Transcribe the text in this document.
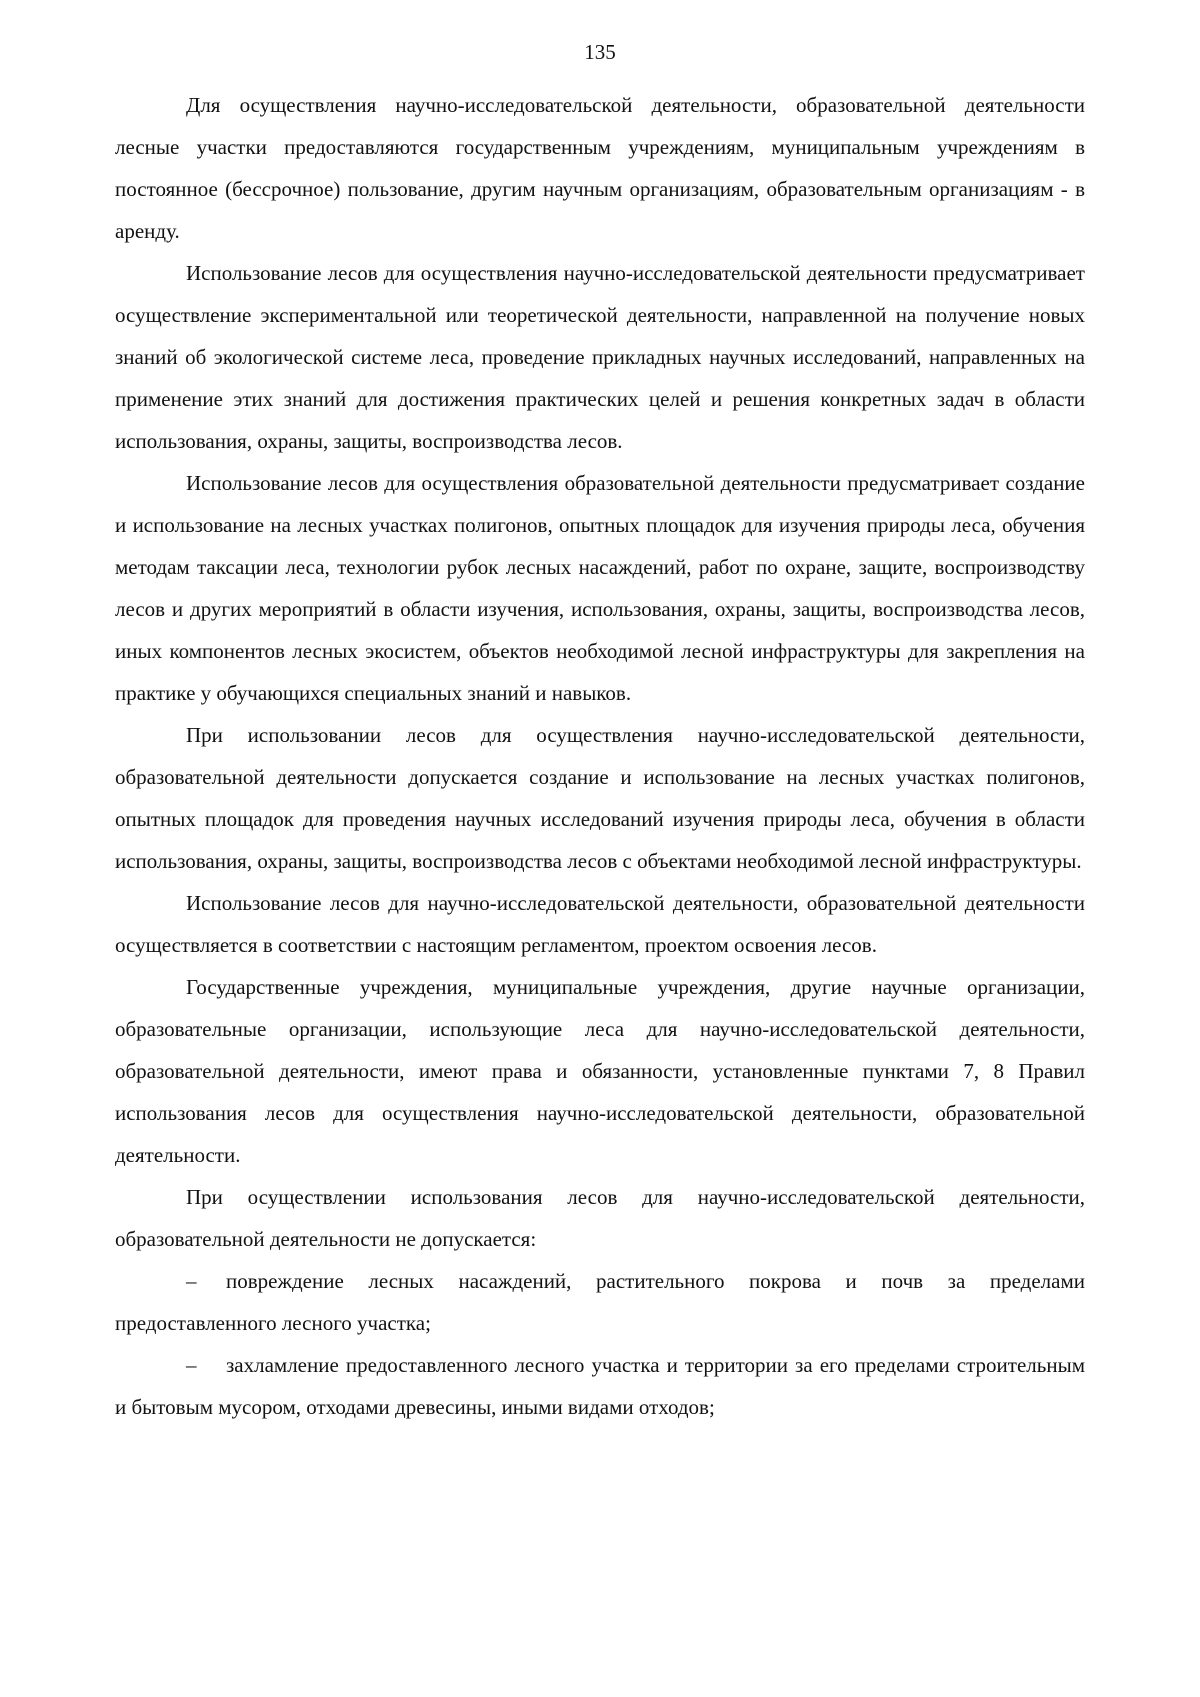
135

Для осуществления научно-исследовательской деятельности, образовательной деятельности лесные участки предоставляются государственным учреждениям, муниципальным учреждениям в постоянное (бессрочное) пользование, другим научным организациям, образовательным организациям - в аренду.

Использование лесов для осуществления научно-исследовательской деятельности предусматривает осуществление экспериментальной или теоретической деятельности, направленной на получение новых знаний об экологической системе леса, проведение прикладных научных исследований, направленных на применение этих знаний для достижения практических целей и решения конкретных задач в области использования, охраны, защиты, воспроизводства лесов.

Использование лесов для осуществления образовательной деятельности предусматривает создание и использование на лесных участках полигонов, опытных площадок для изучения природы леса, обучения методам таксации леса, технологии рубок лесных насаждений, работ по охране, защите, воспроизводству лесов и других мероприятий в области изучения, использования, охраны, защиты, воспроизводства лесов, иных компонентов лесных экосистем, объектов необходимой лесной инфраструктуры для закрепления на практике у обучающихся специальных знаний и навыков.

При использовании лесов для осуществления научно-исследовательской деятельности, образовательной деятельности допускается создание и использование на лесных участках полигонов, опытных площадок для проведения научных исследований изучения природы леса, обучения в области использования, охраны, защиты, воспроизводства лесов с объектами необходимой лесной инфраструктуры.

Использование лесов для научно-исследовательской деятельности, образовательной деятельности осуществляется в соответствии с настоящим регламентом, проектом освоения лесов.

Государственные учреждения, муниципальные учреждения, другие научные организации, образовательные организации, использующие леса для научно-исследовательской деятельности, образовательной деятельности, имеют права и обязанности, установленные пунктами 7, 8 Правил использования лесов для осуществления научно-исследовательской деятельности, образовательной деятельности.

При осуществлении использования лесов для научно-исследовательской деятельности, образовательной деятельности не допускается:

– повреждение лесных насаждений, растительного покрова и почв за пределами предоставленного лесного участка;

– захламление предоставленного лесного участка и территории за его пределами строительным и бытовым мусором, отходами древесины, иными видами отходов;
